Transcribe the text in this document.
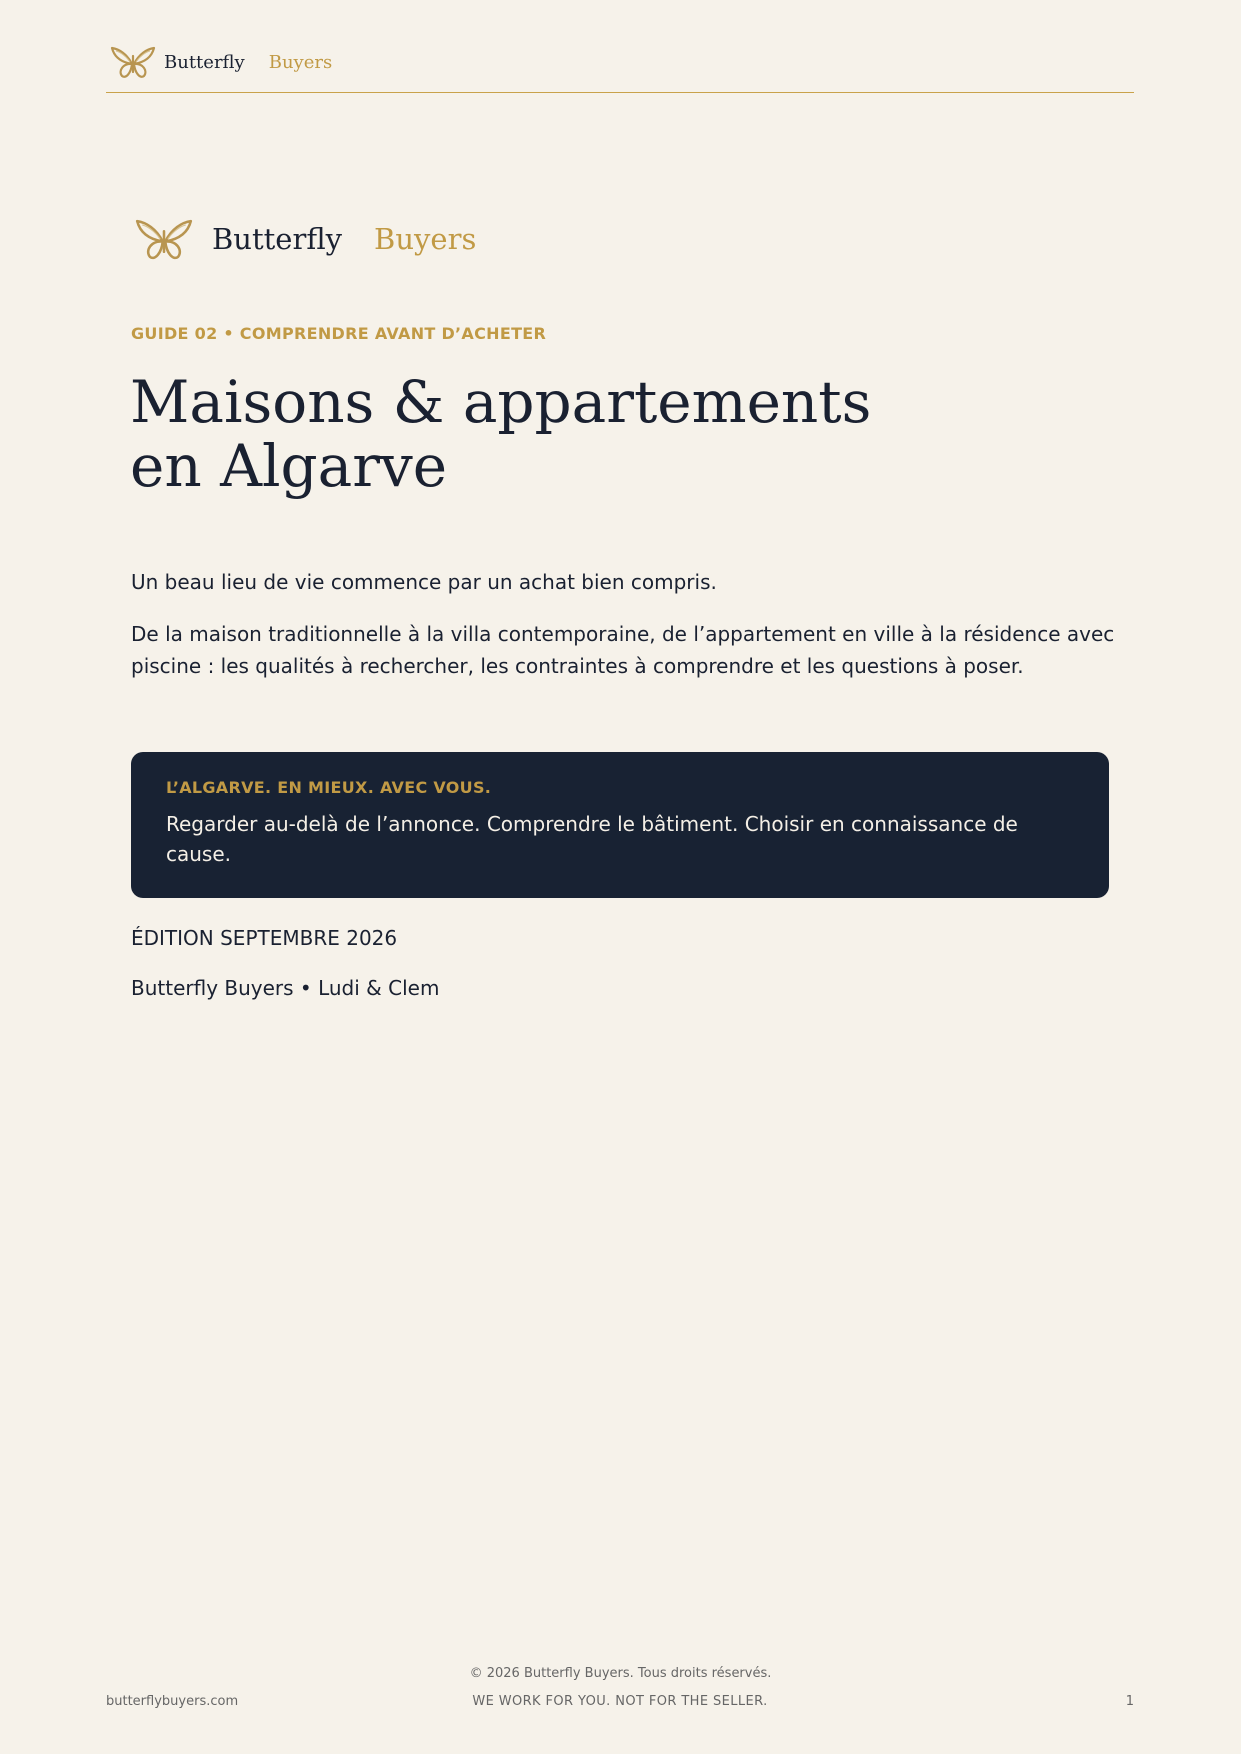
Butterfly Buyers
Butterfly Buyers
GUIDE 02 • COMPRENDRE AVANT D’ACHETER
Maisons & appartements
en Algarve

Un beau lieu de vie commence par un achat bien compris.

De la maison traditionnelle à la villa contemporaine, de l’appartement en ville à la résidence avec piscine : les qualités à rechercher, les contraintes à comprendre et les questions à poser.

L’ALGARVE. EN MIEUX. AVEC VOUS.
Regarder au-delà de l’annonce. Comprendre le bâtiment. Choisir en connaissance de cause.
ÉDITION SEPTEMBRE 2026
Butterfly Buyers • Ludi & Clem
© 2026 Butterfly Buyers. Tous droits réservés.
butterflybuyers.com	WE WORK FOR YOU. NOT FOR THE SELLER.	1
